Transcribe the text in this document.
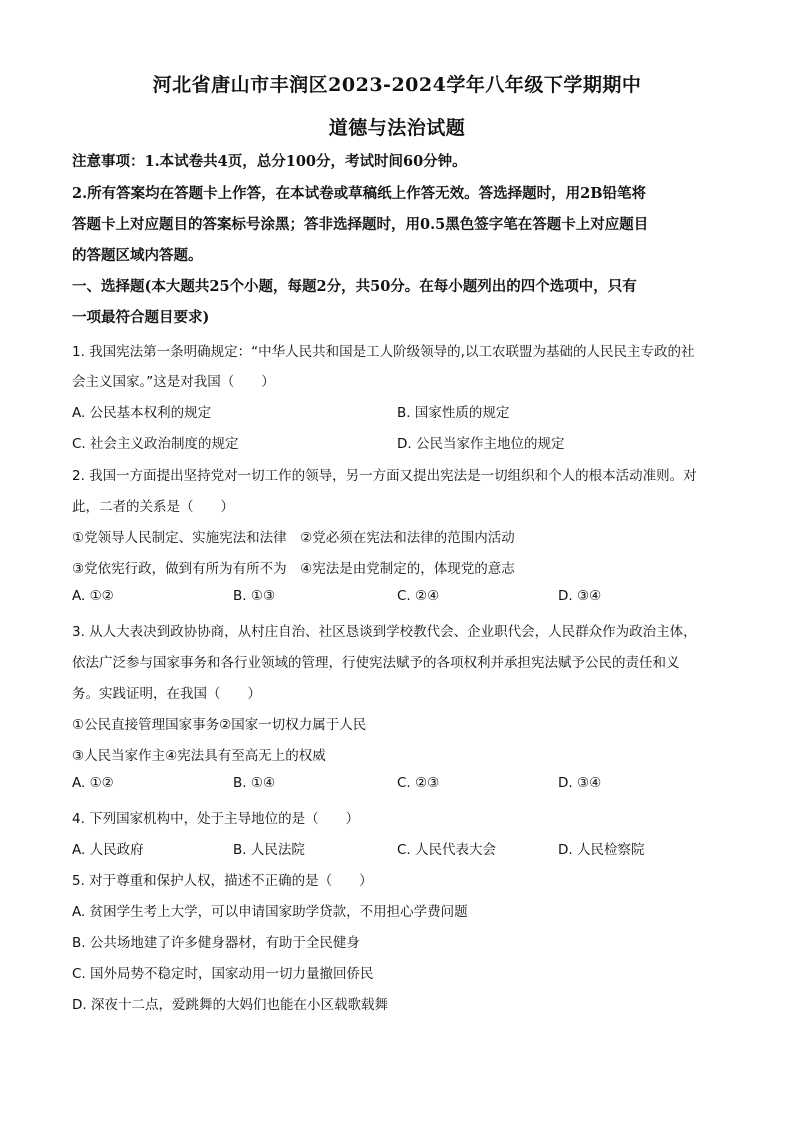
河北省唐山市丰润区2023-2024学年八年级下学期期中
道德与法治试题
注意事项：1.本试卷共4页，总分100分，考试时间60分钟。
2.所有答案均在答题卡上作答，在本试卷或草稿纸上作答无效。答选择题时，用2B铅笔将
答题卡上对应题目的答案标号涂黑；答非选择题时，用0.5黑色签字笔在答题卡上对应题目
的答题区域内答题。
一、选择题(本大题共25个小题，每题2分，共50分。在每小题列出的四个选项中，只有
一项最符合题目要求)
1. 我国宪法第一条明确规定：“中华人民共和国是工人阶级领导的,以工农联盟为基础的人民民主专政的社
会主义国家。”这是对我国（　　）
A. 公民基本权利的规定	B. 国家性质的规定
C. 社会主义政治制度的规定	D. 公民当家作主地位的规定
2. 我国一方面提出坚持党对一切工作的领导，另一方面又提出宪法是一切组织和个人的根本活动准则。对
此，二者的关系是（　　）
①党领导人民制定、实施宪法和法律　②党必须在宪法和法律的范围内活动
③党依宪行政，做到有所为有所不为　④宪法是由党制定的，体现党的意志
A. ①②	B. ①③	C. ②④	D. ③④
3. 从人大表决到政协协商，从村庄自治、社区恳谈到学校教代会、企业职代会，人民群众作为政治主体，
依法广泛参与国家事务和各行业领域的管理，行使宪法赋予的各项权利并承担宪法赋予公民的责任和义
务。实践证明，在我国（　　）
①公民直接管理国家事务②国家一切权力属于人民
③人民当家作主④宪法具有至高无上的权威
A. ①②	B. ①④	C. ②③	D. ③④
4. 下列国家机构中，处于主导地位的是（　　）
A. 人民政府	B. 人民法院	C. 人民代表大会	D. 人民检察院
5. 对于尊重和保护人权，描述不正确的是（　　）
A. 贫困学生考上大学，可以申请国家助学贷款，不用担心学费问题
B. 公共场地建了许多健身器材，有助于全民健身
C. 国外局势不稳定时，国家动用一切力量撤回侨民
D. 深夜十二点，爱跳舞的大妈们也能在小区载歌载舞
